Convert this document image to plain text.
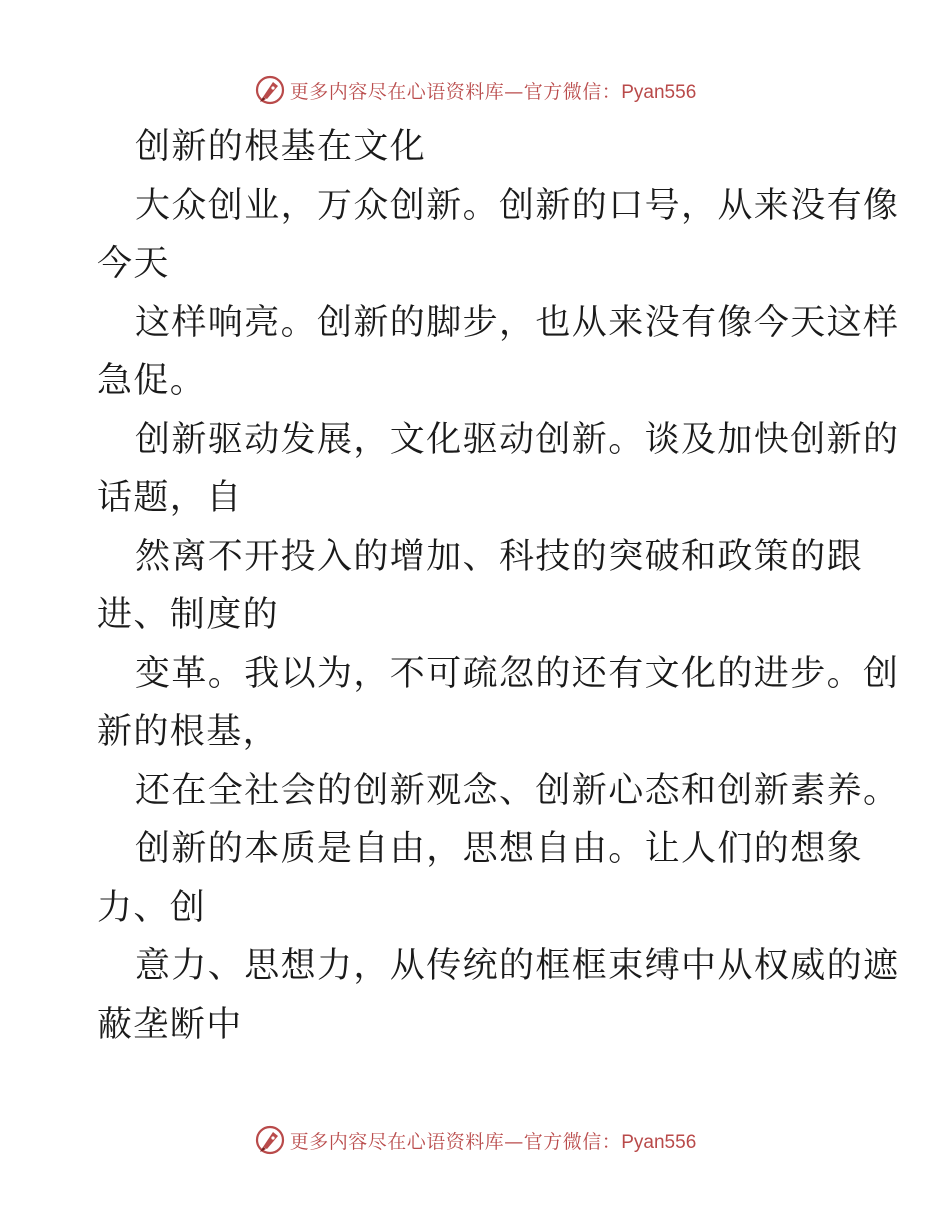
更多内容尽在心语资料库—官方微信：Pyan556
创新的根基在文化
大众创业，万众创新。创新的口号，从来没有像
今天
这样响亮。创新的脚步，也从来没有像今天这样
急促。
创新驱动发展，文化驱动创新。谈及加快创新的
话题，自
然离不开投入的增加、科技的突破和政策的跟
进、制度的
变革。我以为，不可疏忽的还有文化的进步。创
新的根基，
还在全社会的创新观念、创新心态和创新素养。
创新的本质是自由，思想自由。让人们的想象
力、创
意力、思想力，从传统的框框束缚中从权威的遮
蔽垄断中
更多内容尽在心语资料库—官方微信：Pyan556
